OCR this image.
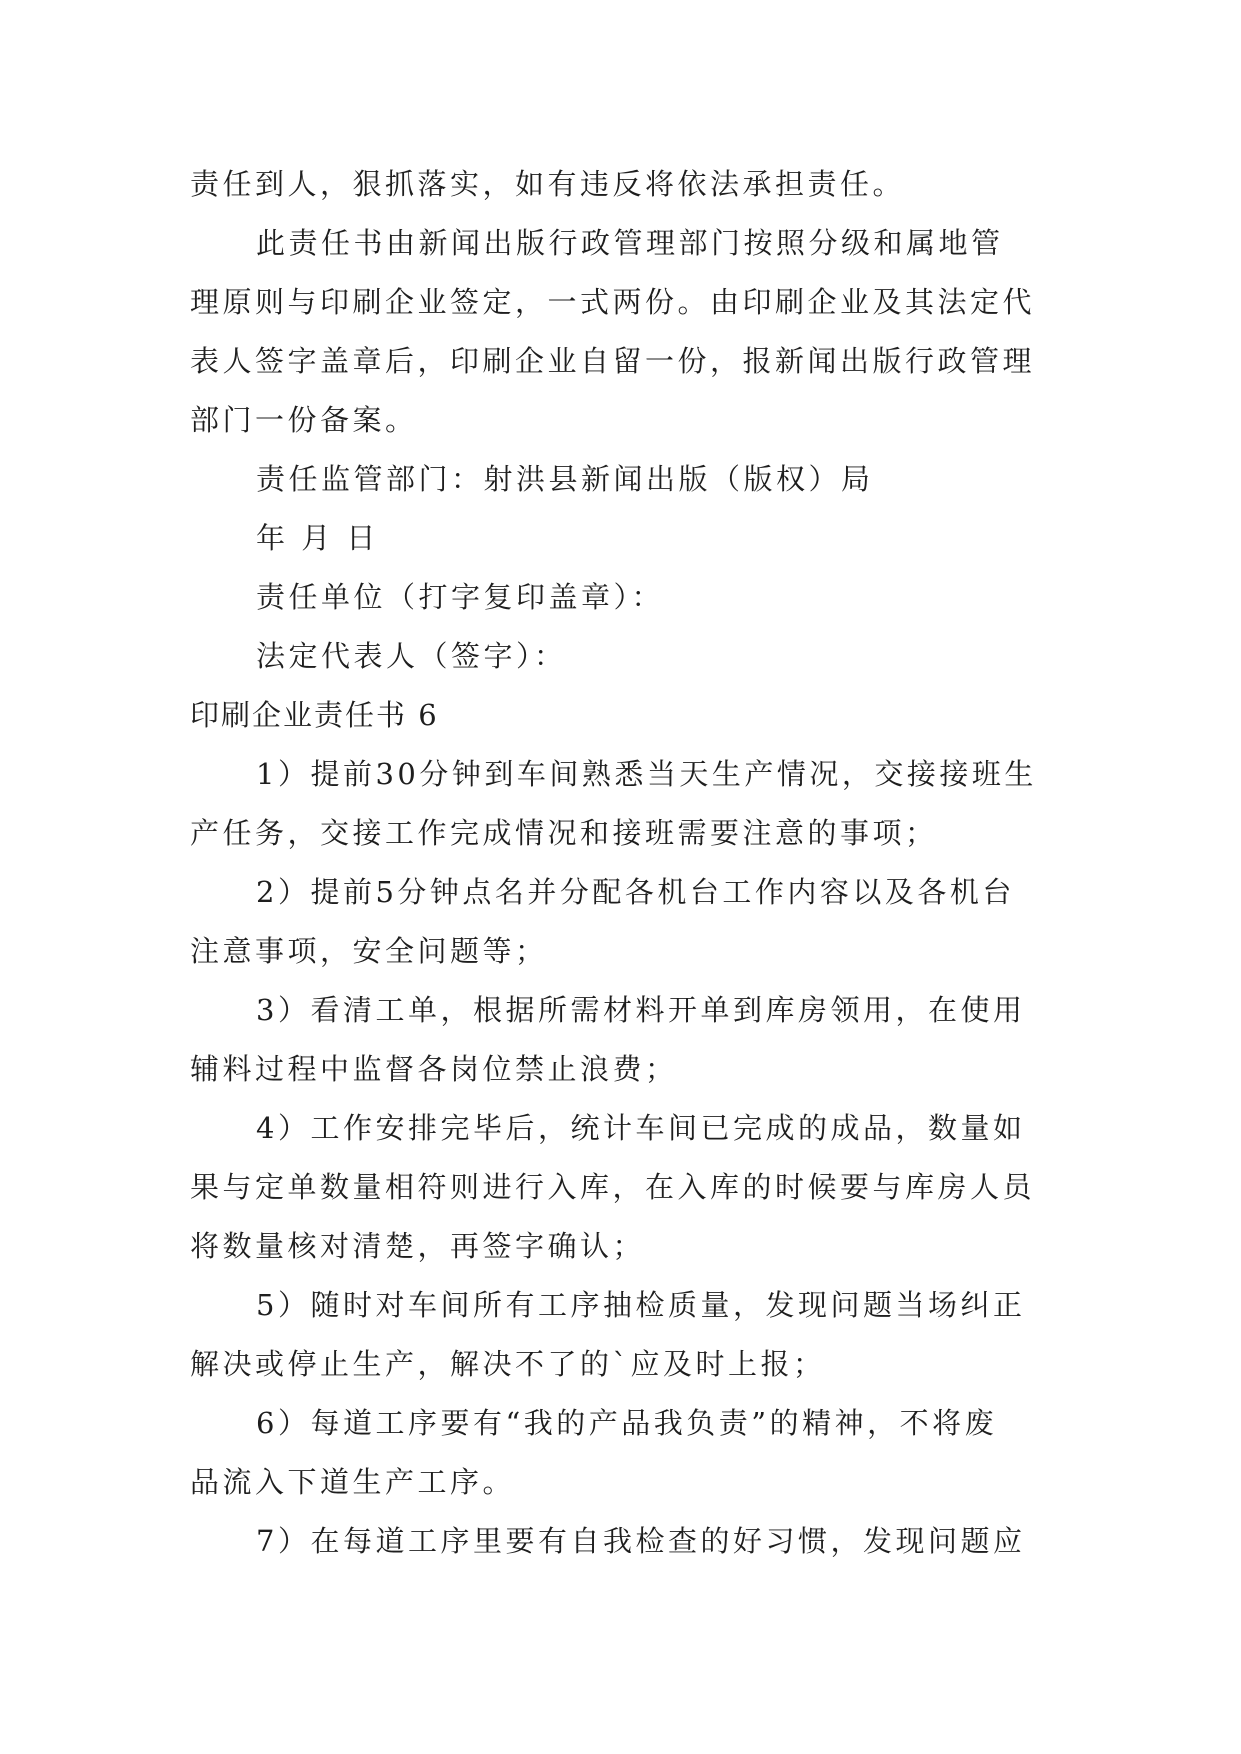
责任到人，狠抓落实，如有违反将依法承担责任。
此责任书由新闻出版行政管理部门按照分级和属地管
理原则与印刷企业签定，一式两份。由印刷企业及其法定代
表人签字盖章后，印刷企业自留一份，报新闻出版行政管理
部门一份备案。
责任监管部门：射洪县新闻出版（版权）局
年 月 日
责任单位（打字复印盖章）：
法定代表人（签字）：
印刷企业责任书 6
1）提前30分钟到车间熟悉当天生产情况，交接接班生
产任务，交接工作完成情况和接班需要注意的事项；
2）提前5分钟点名并分配各机台工作内容以及各机台
注意事项，安全问题等；
3）看清工单，根据所需材料开单到库房领用，在使用
辅料过程中监督各岗位禁止浪费；
4）工作安排完毕后，统计车间已完成的成品，数量如
果与定单数量相符则进行入库，在入库的时候要与库房人员
将数量核对清楚，再签字确认；
5）随时对车间所有工序抽检质量，发现问题当场纠正
解决或停止生产，解决不了的`应及时上报；
6）每道工序要有“我的产品我负责”的精神，不将废
品流入下道生产工序。
7）在每道工序里要有自我检查的好习惯，发现问题应
